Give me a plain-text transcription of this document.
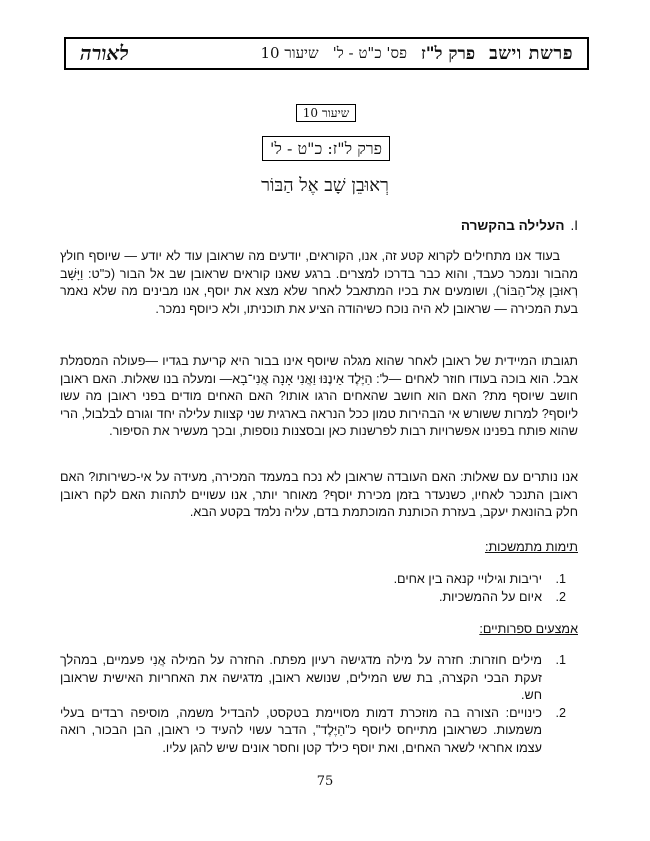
פרשת וישב
פרק ל"ז
פס' כ"ט - ל'
שיעור 10
לאורה
שיעור 10
פרק ל"ז: כ"ט - ל'
רְאוּבֵן שָׁב אֶל הַבּוֹר
I.
העלילה בהקשרה

בעוד אנו מתחילים לקרוא קטע זה, אנו, הקוראים, יודעים מה שראובן עוד לא יודע — שיוסף חולץ מהבור ונמכר כעבד, והוא כבר בדרכו למצרים. ברגע שאנו קוראים שראובן שב אל הבור (כ"ט: וַיָּשָׁב רְאוּבֵן אֶל־הַבּוֹר), ושומעים את בכיו המתאבל לאחר שלא מצא את יוסף, אנו מבינים מה שלא נאמר בעת המכירה — שראובן לא היה נוכח כשיהודה הציע את תוכניתו, ולא כיוסף נמכר.

תגובתו המיידית של ראובן לאחר שהוא מגלה שיוסף אינו בבור היא קריעת בגדיו —פעולה המסמלת אבל. הוא בוכה בעודו חוזר לאחים —ל': הַיֶּלֶד אֵינֶנּוּ וַאֲנִי אָנָה אֲנִי־בָא— ומעלה בנו שאלות. האם ראובן חושב שיוסף מת? האם הוא חושב שהאחים הרגו אותו? האם האחים מודים בפני ראובן מה עשו ליוסף? למרות ששורש אי הבהירות טמון ככל הנראה בארגית שני קצוות עלילה יחד וגורם לבלבול, הרי שהוא פותח בפנינו אפשרויות רבות לפרשנות כאן ובסצנות נוספות, ובכך מעשיר את הסיפור.

אנו נותרים עם שאלות: האם העובדה שראובן לא נכח במעמד המכירה, מעידה על אי-כשירותו? האם ראובן התנכר לאחיו, כשנעדר בזמן מכירת יוסף? מאוחר יותר, אנו עשויים לתהות האם לקח ראובן חלק בהונאת יעקב, בעזרת הכותנת המוכתמת בדם, עליה נלמד בקטע הבא.

תימות מתמשכות:
1.
יריבות וגילויי קנאה בין אחים.
2.
איום על ההמשכיות.
אמצעים ספרותיים:
1.
מילים חוזרות: חזרה על מילה מדגישה רעיון מפתח. החזרה על המילה אֲנִי פעמיים, במהלך זעקת הבכי הקצרה, בת שש המילים, שנושא ראובן, מדגישה את האחריות האישית שראובן חש.
2.
כינויים: הצורה בה מוזכרת דמות מסויימת בטקסט, להבדיל משמה, מוסיפה רבדים בעלי משמעות. כשראובן מתייחס ליוסף כ"הַיֶּלֶד", הדבר עשוי להעיד כי ראובן, הבן הבכור, רואה עצמו אחראי לשאר האחים, ואת יוסף כילד קטן וחסר אונים שיש להגן עליו.
75
